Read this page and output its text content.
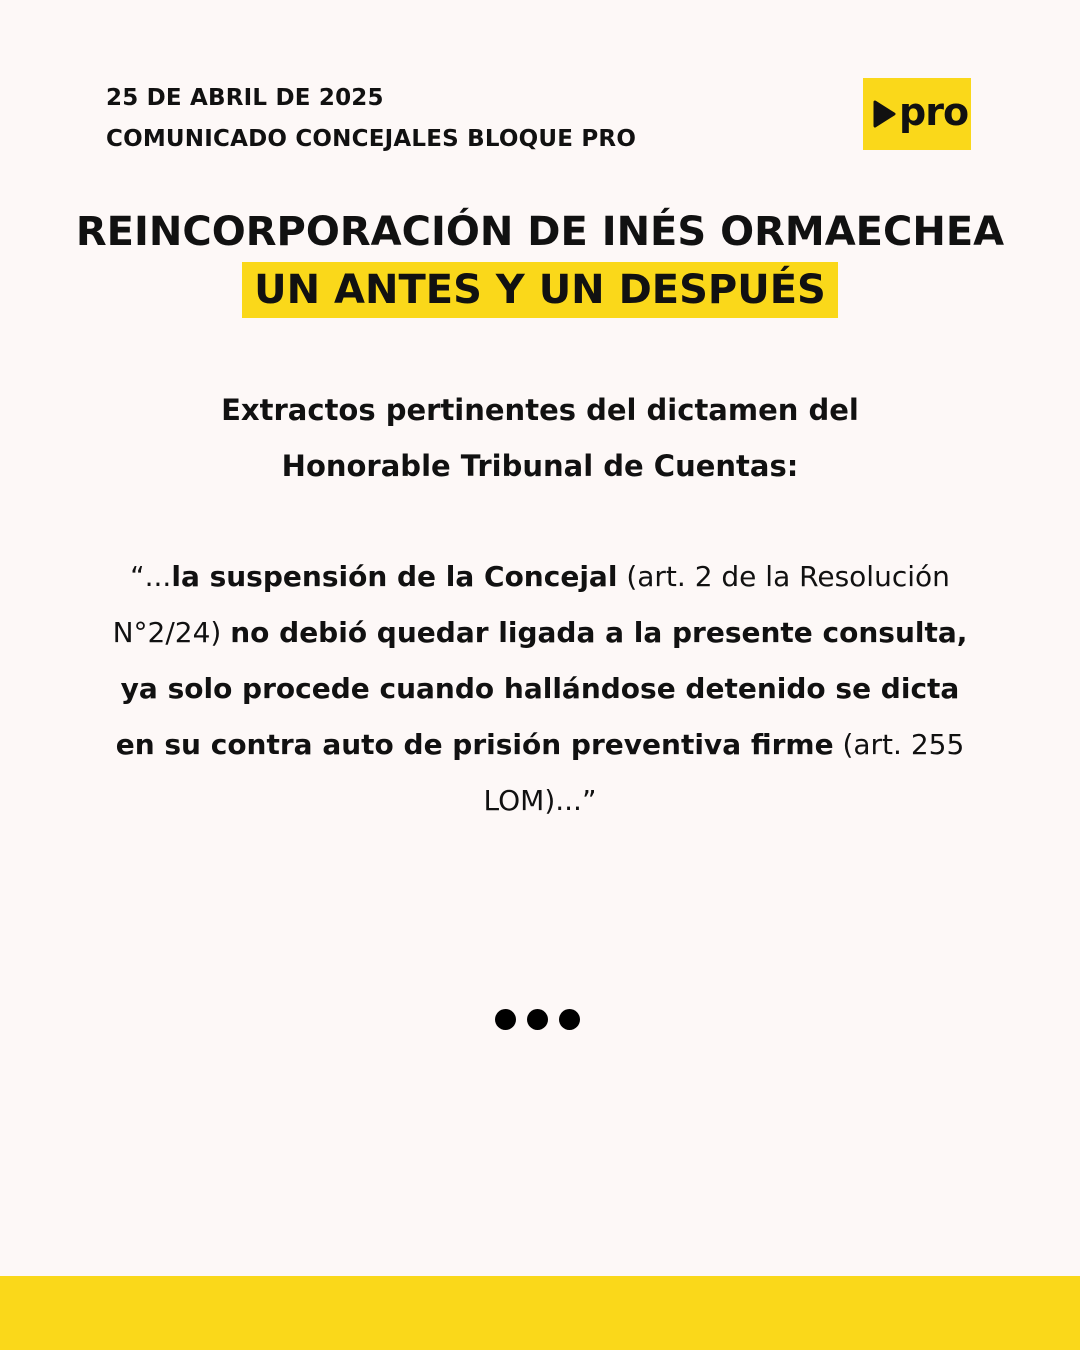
25 DE ABRIL DE 2025
COMUNICADO CONCEJALES BLOQUE PRO
pro
REINCORPORACIÓN DE INÉS ORMAECHEA
UN ANTES Y UN DESPUÉS
Extractos pertinentes del dictamen del
Honorable Tribunal de Cuentas:
“...la suspensión de la Concejal (art. 2 de la Resolución N°2/24) no debió quedar ligada a la presente consulta, ya solo procede cuando hallándose detenido se dicta en su contra auto de prisión preventiva firme (art. 255 LOM)...”
